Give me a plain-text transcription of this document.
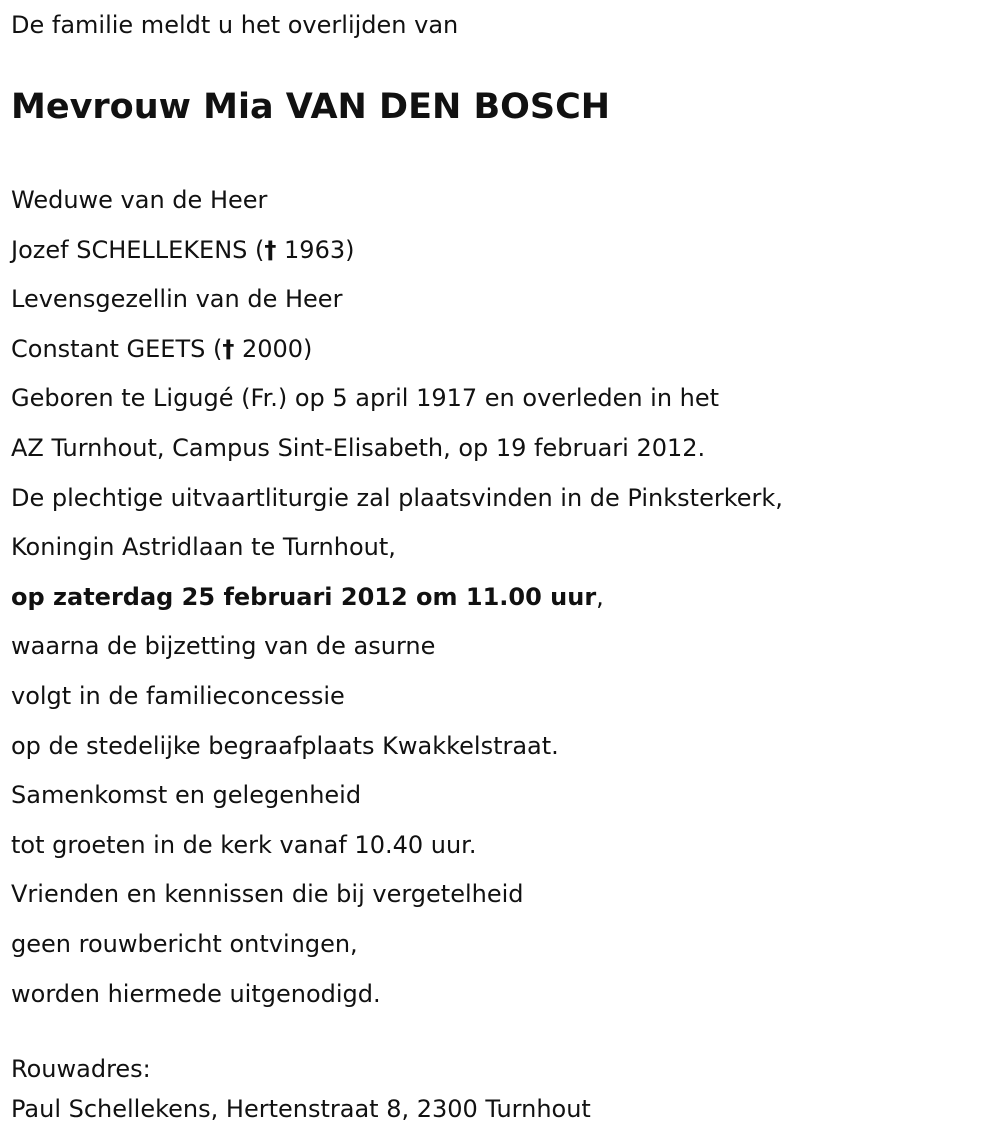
De familie meldt u het overlijden van
Mevrouw Mia VAN DEN BOSCH
Weduwe van de Heer
Jozef SCHELLEKENS († 1963)
Levensgezellin van de Heer
Constant GEETS († 2000)
Geboren te Ligugé (Fr.) op 5 april 1917 en overleden in het
AZ Turnhout, Campus Sint-Elisabeth, op 19 februari 2012.
De plechtige uitvaartliturgie zal plaatsvinden in de Pinksterkerk,
Koningin Astridlaan te Turnhout,
op zaterdag 25 februari 2012 om 11.00 uur,
waarna de bijzetting van de asurne
volgt in de familieconcessie
op de stedelijke begraafplaats Kwakkelstraat.
Samenkomst en gelegenheid
tot groeten in de kerk vanaf 10.40 uur.
Vrienden en kennissen die bij vergetelheid
geen rouwbericht ontvingen,
worden hiermede uitgenodigd.
Rouwadres:
Paul Schellekens, Hertenstraat 8, 2300 Turnhout
